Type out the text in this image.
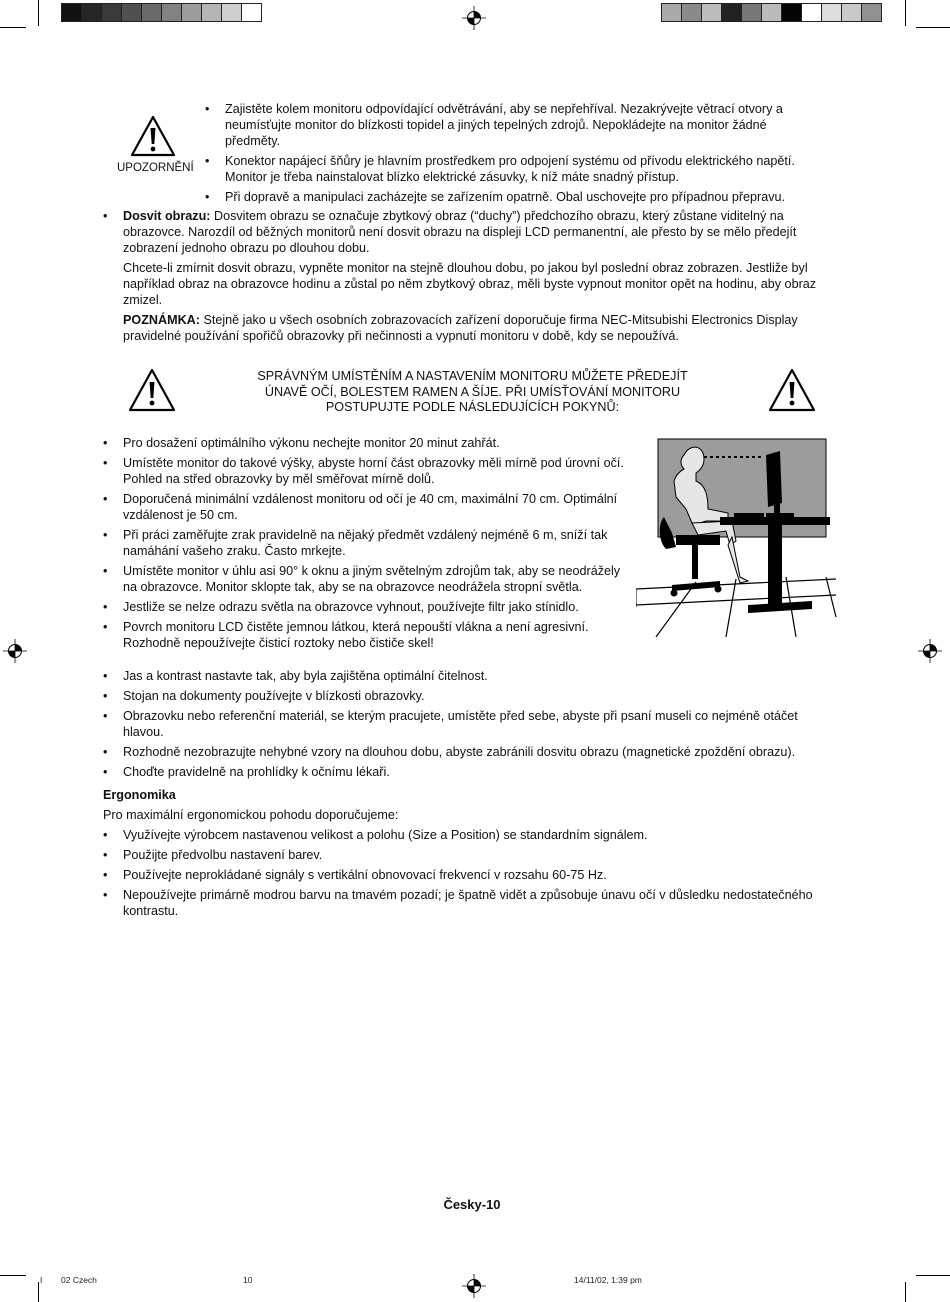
UPOZORNĚNÍ
• Zajistěte kolem monitoru odpovídající odvětrávání, aby se nepřehříval. Nezakrývejte větrací otvory a neumísťujte monitor do blízkosti topidel a jiných tepelných zdrojů. Nepokládejte na monitor žádné předměty.
• Konektor napájecí šňůry je hlavním prostředkem pro odpojení systému od přívodu elektrického napětí. Monitor je třeba nainstalovat blízko elektrické zásuvky, k níž máte snadný přístup.
• Při dopravě a manipulaci zacházejte se zařízením opatrně. Obal uschovejte pro případnou přepravu.

• Dosvit obrazu: Dosvitem obrazu se označuje zbytkový obraz (“duchy”) předchozího obrazu, který zůstane viditelný na obrazovce. Narozdíl od běžných monitorů není dosvit obrazu na displeji LCD permanentní, ale přesto by se mělo předejít zobrazení jednoho obrazu po dlouhou dobu.

Chcete-li zmírnit dosvit obrazu, vypněte monitor na stejně dlouhou dobu, po jakou byl poslední obraz zobrazen. Jestliže byl například obraz na obrazovce hodinu a zůstal po něm zbytkový obraz, měli byste vypnout monitor opět na hodinu, aby obraz zmizel.

POZNÁMKA: Stejně jako u všech osobních zobrazovacích zařízení doporučuje firma NEC-Mitsubishi Electronics Display pravidelné používání spořičů obrazovky při nečinnosti a vypnutí monitoru v době, kdy se nepoužívá.

SPRÁVNÝM UMÍSTĚNÍM A NASTAVENÍM MONITORU MŮŽETE PŘEDEJÍT
ÚNAVĚ OČÍ, BOLESTEM RAMEN A ŠÍJE. PŘI UMÍSŤOVÁNÍ MONITORU
POSTUPUJTE PODLE NÁSLEDUJÍCÍCH POKYNŮ:
• Pro dosažení optimálního výkonu nechejte monitor 20 minut zahřát.
• Umístěte monitor do takové výšky, abyste horní část obrazovky měli mírně pod úrovní očí. Pohled na střed obrazovky by měl směřovat mírně dolů.
• Doporučená minimální vzdálenost monitoru od očí je 40 cm, maximální 70 cm. Optimální vzdálenost je 50 cm.
• Při práci zaměřujte zrak pravidelně na nějaký předmět vzdálený nejméně 6 m, sníží tak namáhání vašeho zraku. Často mrkejte.
• Umístěte monitor v úhlu asi 90° k oknu a jiným světelným zdrojům tak, aby se neodrážely na obrazovce. Monitor sklopte tak, aby se na obrazovce neodrážela stropní světla.
• Jestliže se nelze odrazu světla na obrazovce vyhnout, používejte filtr jako stínidlo.
• Povrch monitoru LCD čistěte jemnou látkou, která nepouští vlákna a není agresivní. Rozhodně nepoužívejte čisticí roztoky nebo čističe skel!
• Jas a kontrast nastavte tak, aby byla zajištěna optimální čitelnost.
• Stojan na dokumenty používejte v blízkosti obrazovky.
• Obrazovku nebo referenční materiál, se kterým pracujete, umístěte před sebe, abyste při psaní museli co nejméně otáčet hlavou.
• Rozhodně nezobrazujte nehybné vzory na dlouhou dobu, abyste zabránili dosvitu obrazu (magnetické zpoždění obrazu).
• Choďte pravidelně na prohlídky k očnímu lékaři.

Ergonomika

Pro maximální ergonomickou pohodu doporučujeme:

• Využívejte výrobcem nastavenou velikost a polohu (Size a Position) se standardním signálem.
• Použijte předvolbu nastavení barev.
• Používejte neprokládané signály s vertikální obnovovací frekvencí v rozsahu 60-75 Hz.
• Nepoužívejte primárně modrou barvu na tmavém pozadí; je špatně vidět a způsobuje únavu očí v důsledku nedostatečného kontrastu.
Česky-10
I 02 Czech	10	14/11/02, 1:39 pm
